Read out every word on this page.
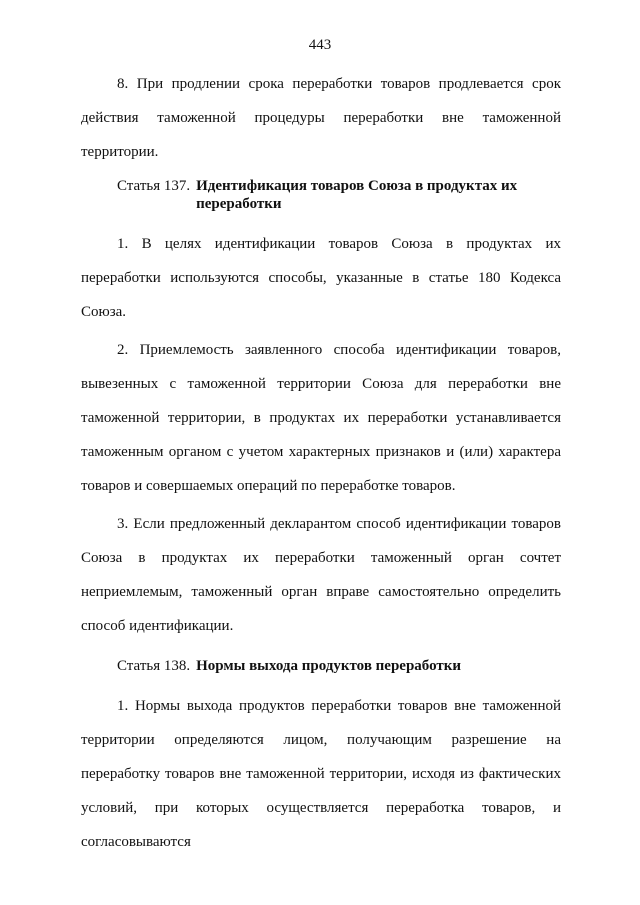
443

8. При продлении срока переработки товаров продлевается срок действия таможенной процедуры переработки вне таможенной территории.

Статья 137. Идентификация товаров Союза в продуктах их переработки

1. В целях идентификации товаров Союза в продуктах их переработки используются способы, указанные в статье 180 Кодекса Союза.

2. Приемлемость заявленного способа идентификации товаров, вывезенных с таможенной территории Союза для переработки вне таможенной территории, в продуктах их переработки устанавливается таможенным органом с учетом характерных признаков и (или) характера товаров и совершаемых операций по переработке товаров.

3. Если предложенный декларантом способ идентификации товаров Союза в продуктах их переработки таможенный орган сочтет неприемлемым, таможенный орган вправе самостоятельно определить способ идентификации.

Статья 138. Нормы выхода продуктов переработки

1. Нормы выхода продуктов переработки товаров вне таможенной территории определяются лицом, получающим разрешение на переработку товаров вне таможенной территории, исходя из фактических условий, при которых осуществляется переработка товаров, и согласовываются
